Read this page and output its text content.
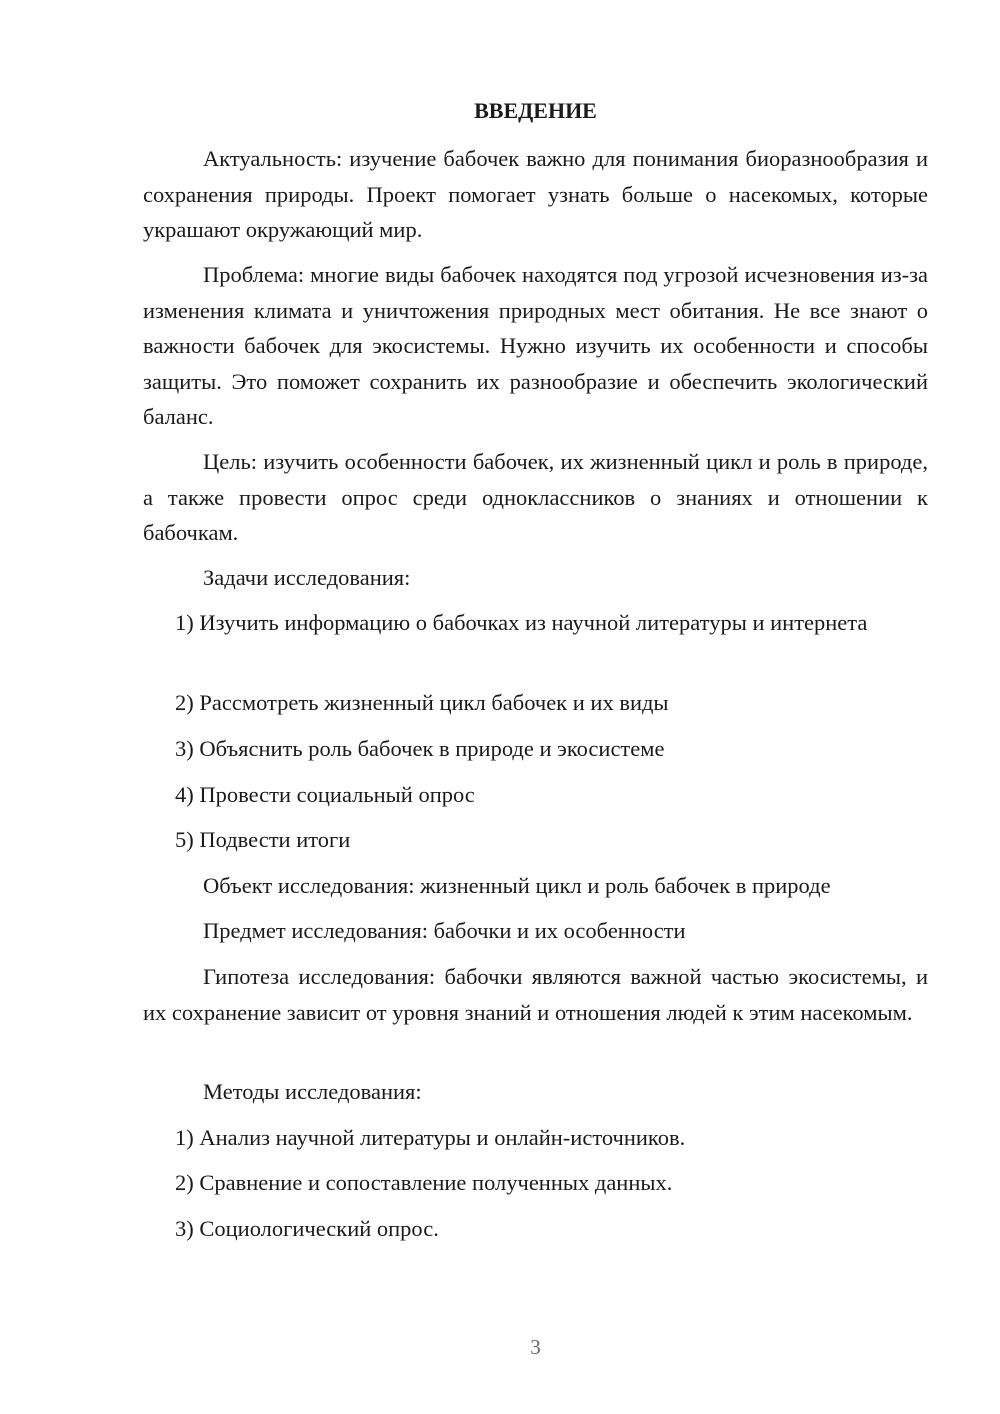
ВВЕДЕНИЕ

Актуальность: изучение бабочек важно для понимания биоразнообразия и сохранения природы. Проект помогает узнать больше о насекомых, которые украшают окружающий мир.

Проблема: многие виды бабочек находятся под угрозой исчезновения из-за изменения климата и уничтожения природных мест обитания. Не все знают о важности бабочек для экосистемы. Нужно изучить их особенности и способы защиты. Это поможет сохранить их разнообразие и обеспечить экологический баланс.

Цель: изучить особенности бабочек, их жизненный цикл и роль в природе, а также провести опрос среди одноклассников о знаниях и отношении к бабочкам.

Задачи исследования:

1) Изучить информацию о бабочках из научной литературы и интернета

2) Рассмотреть жизненный цикл бабочек и их виды

3) Объяснить роль бабочек в природе и экосистеме

4) Провести социальный опрос

5) Подвести итоги

Объект исследования: жизненный цикл и роль бабочек в природе

Предмет исследования: бабочки и их особенности

Гипотеза исследования: бабочки являются важной частью экосистемы, и их сохранение зависит от уровня знаний и отношения людей к этим насекомым.

Методы исследования:

1) Анализ научной литературы и онлайн-источников.

2) Сравнение и сопоставление полученных данных.

3) Социологический опрос.

3
